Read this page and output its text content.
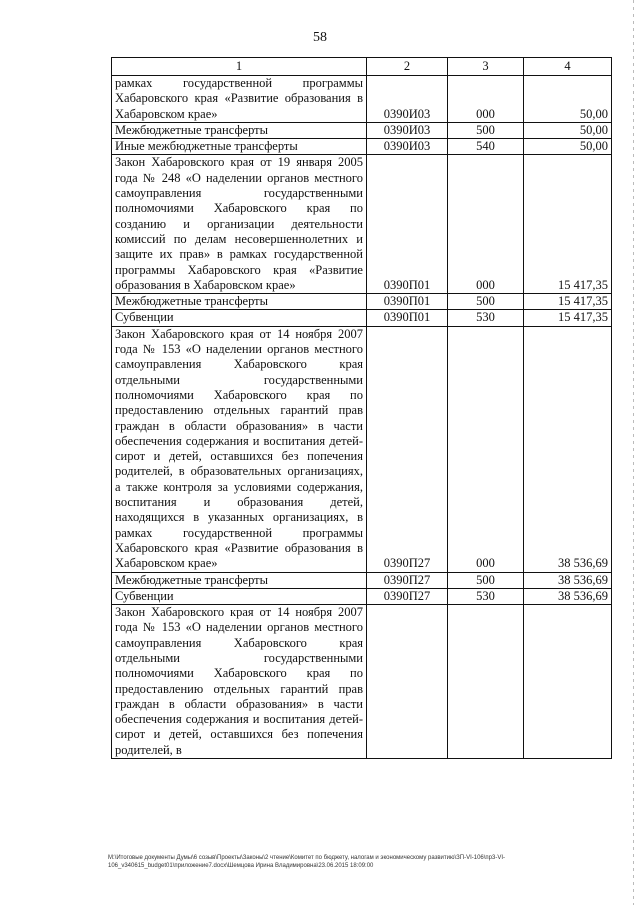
58
1	2	3	4
рамках государственной программы Хабаровского края «Развитие образования в Хабаровском крае»	0390И03	000	50,00
Межбюджетные трансферты	0390И03	500	50,00
Иные межбюджетные трансферты	0390И03	540	50,00
Закон Хабаровского края от 19 января 2005 года № 248 «О наделении органов местного самоуправления государственными полномочиями Хабаровского края по созданию и организации деятельности комиссий по делам несовершеннолетних и защите их прав» в рамках государственной программы Хабаровского края «Развитие образования в Хабаровском крае»	0390П01	000	15 417,35
Межбюджетные трансферты	0390П01	500	15 417,35
Субвенции	0390П01	530	15 417,35
Закон Хабаровского края от 14 ноября 2007 года № 153 «О наделении органов местного самоуправления Хабаровского края отдельными государственными полномочиями Хабаровского края по предоставлению отдельных гарантий прав граждан в области образования» в части обеспечения содержания и воспитания детей-сирот и детей, оставшихся без попечения родителей, в образовательных организациях, а также контроля за условиями содержания, воспитания и образования детей, находящихся в указанных организациях, в рамках государственной программы Хабаровского края «Развитие образования в Хабаровском крае»	0390П27	000	38 536,69
Межбюджетные трансферты	0390П27	500	38 536,69
Субвенции	0390П27	530	38 536,69
Закон Хабаровского края от 14 ноября 2007 года № 153 «О наделении органов местного самоуправления Хабаровского края отдельными государственными полномочиями Хабаровского края по предоставлению отдельных гарантий прав граждан в области образования» в части обеспечения содержания и воспитания детей-сирот и детей, оставшихся без попечения родителей, в			
M:\Итоговые документы Думы\6 созыв\Проекты\Законы\2 чтение\Комитет по бюджету, налогам и экономическому развитию\ЗП-VI-106\пр3-VI-106_v340615_budget01\приложение7.docx\Шемцова Ирина Владимировна\23.06.2015 18:09:00
